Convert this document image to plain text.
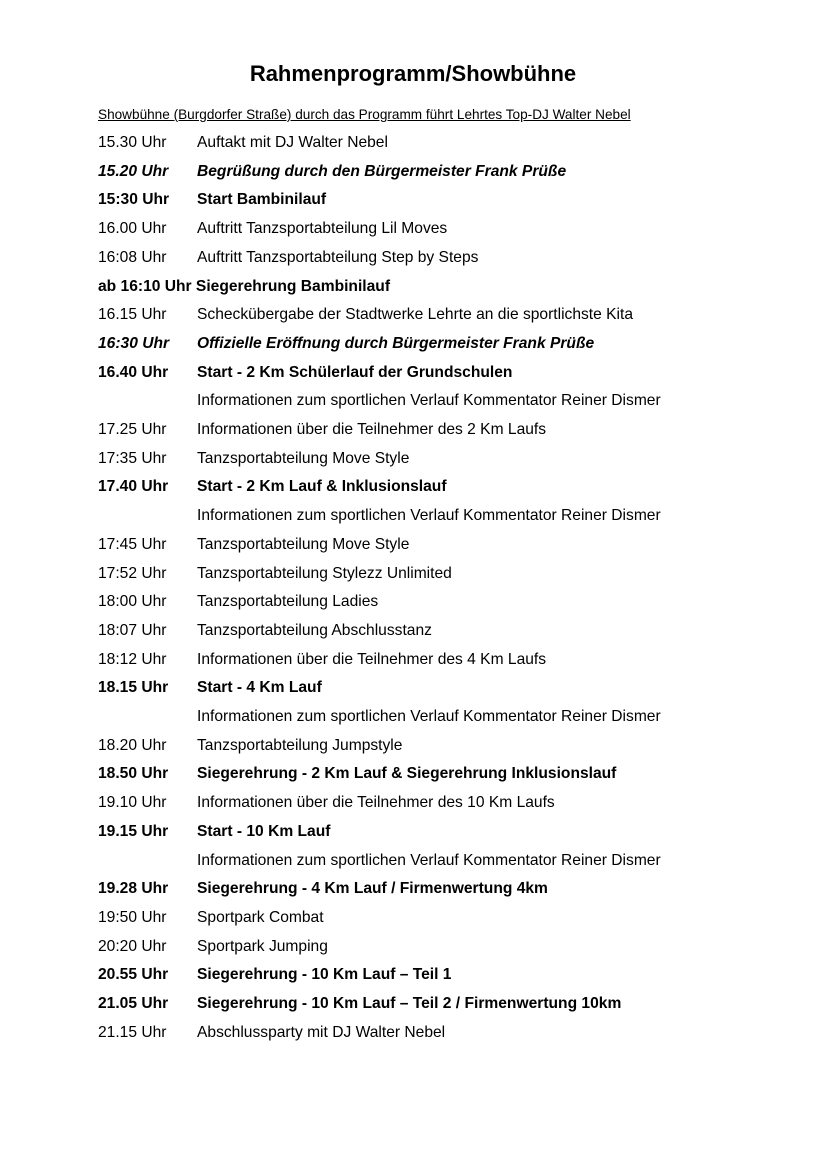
Rahmenprogramm/Showbühne
Showbühne (Burgdorfer Straße) durch das Programm führt Lehrtes Top-DJ Walter Nebel
15.30 Uhr Auftakt mit DJ Walter Nebel
15.20 Uhr	Begrüßung durch den Bürgermeister Frank Prüße
15:30 Uhr Start Bambinilauf
16.00 Uhr Auftritt Tanzsportabteilung Lil Moves
16:08 Uhr Auftritt Tanzsportabteilung Step by Steps
ab 16:10 Uhr Siegerehrung Bambinilauf
16.15 Uhr Scheckübergabe der Stadtwerke Lehrte an die sportlichste Kita
16:30 Uhr	Offizielle Eröffnung durch Bürgermeister Frank Prüße
16.40 Uhr Start - 2 Km Schülerlauf der Grundschulen
Informationen zum sportlichen Verlauf Kommentator Reiner Dismer
17.25 Uhr Informationen über die Teilnehmer des 2 Km Laufs
17:35 Uhr Tanzsportabteilung Move Style
17.40 Uhr Start - 2 Km Lauf & Inklusionslauf
Informationen zum sportlichen Verlauf Kommentator Reiner Dismer
17:45 Uhr Tanzsportabteilung Move Style
17:52 Uhr Tanzsportabteilung Stylezz Unlimited
18:00 Uhr Tanzsportabteilung Ladies
18:07 Uhr Tanzsportabteilung Abschlusstanz
18:12 Uhr Informationen über die Teilnehmer des 4 Km Laufs
18.15 Uhr Start - 4 Km Lauf
Informationen zum sportlichen Verlauf Kommentator Reiner Dismer
18.20 Uhr Tanzsportabteilung Jumpstyle
18.50 Uhr Siegerehrung - 2 Km Lauf & Siegerehrung Inklusionslauf
19.10 Uhr Informationen über die Teilnehmer des 10 Km Laufs
19.15 Uhr Start - 10 Km Lauf
Informationen zum sportlichen Verlauf Kommentator Reiner Dismer
19.28 Uhr Siegerehrung - 4 Km Lauf / Firmenwertung 4km
19:50 Uhr Sportpark Combat
20:20 Uhr Sportpark Jumping
20.55 Uhr Siegerehrung - 10 Km Lauf – Teil 1
21.05 Uhr Siegerehrung - 10 Km Lauf – Teil 2 / Firmenwertung 10km
21.15 Uhr Abschlussparty mit DJ Walter Nebel
